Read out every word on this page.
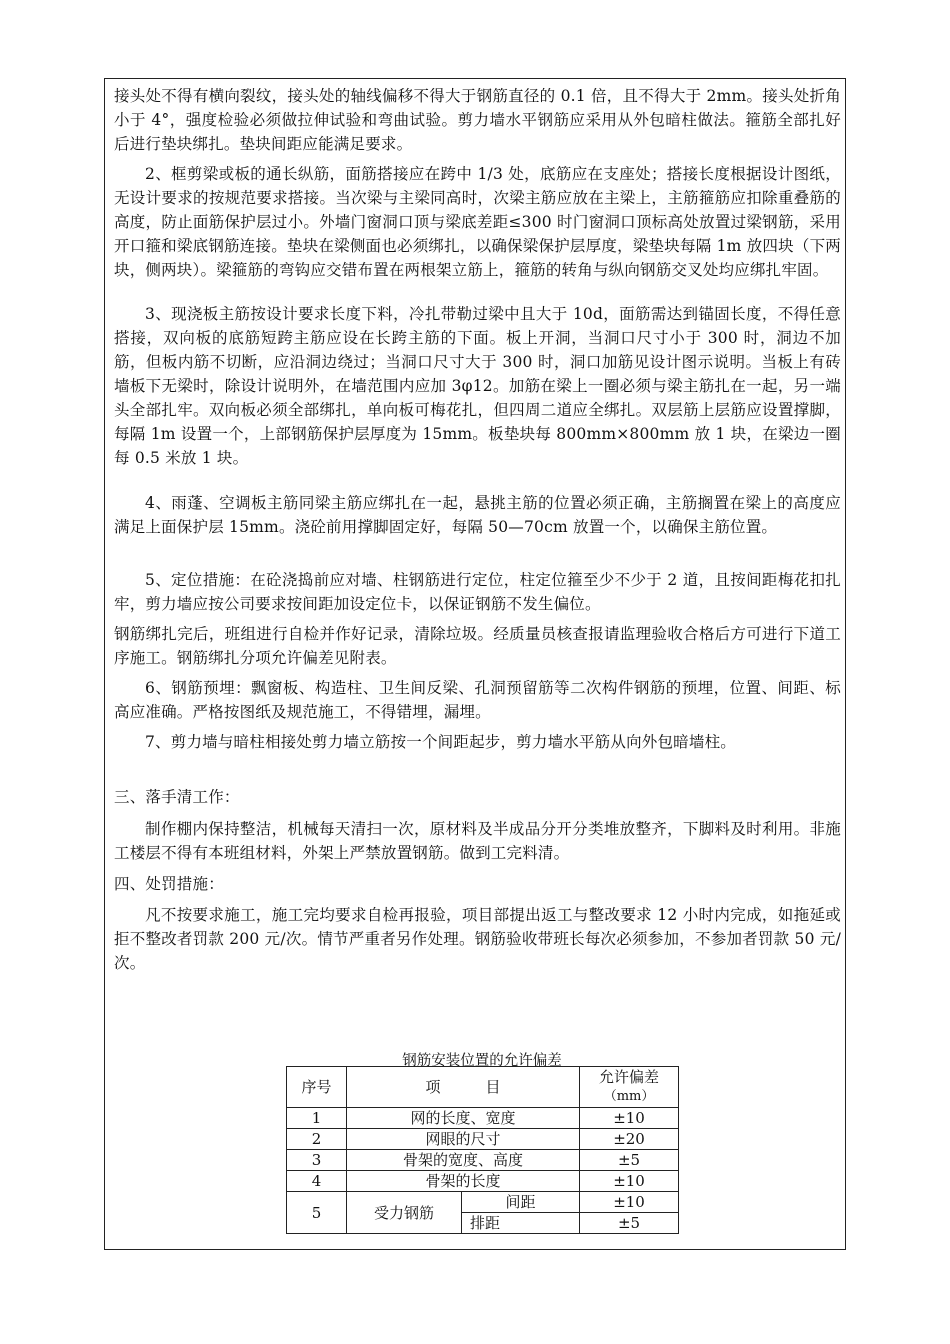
接头处不得有横向裂纹，接头处的轴线偏移不得大于钢筋直径的 0.1 倍，且不得大于 2mm。接头处折角小于 4°，强度检验必须做拉伸试验和弯曲试验。剪力墙水平钢筋应采用从外包暗柱做法。箍筋全部扎好后进行垫块绑扎。垫块间距应能满足要求。

2、框剪梁或板的通长纵筋，面筋搭接应在跨中 1/3 处，底筋应在支座处；搭接长度根据设计图纸，无设计要求的按规范要求搭接。当次梁与主梁同高时，次梁主筋应放在主梁上，主筋箍筋应扣除重叠筋的高度，防止面筋保护层过小。外墙门窗洞口顶与梁底差距≤300 时门窗洞口顶标高处放置过梁钢筋，采用开口箍和梁底钢筋连接。垫块在梁侧面也必须绑扎，以确保梁保护层厚度，梁垫块每隔 1m 放四块（下两块，侧两块）。梁箍筋的弯钩应交错布置在两根架立筋上，箍筋的转角与纵向钢筋交叉处均应绑扎牢固。

3、现浇板主筋按设计要求长度下料，冷扎带勒过梁中且大于 10d，面筋需达到锚固长度，不得任意搭接，双向板的底筋短跨主筋应设在长跨主筋的下面。板上开洞，当洞口尺寸小于 300 时，洞边不加筋，但板内筋不切断，应沿洞边绕过；当洞口尺寸大于 300 时，洞口加筋见设计图示说明。当板上有砖墙板下无梁时，除设计说明外，在墙范围内应加 3φ12。加筋在梁上一圈必须与梁主筋扎在一起，另一端头全部扎牢。双向板必须全部绑扎，单向板可梅花扎，但四周二道应全绑扎。双层筋上层筋应设置撑脚，每隔 1m 设置一个，上部钢筋保护层厚度为 15mm。板垫块每 800mm×800mm 放 1 块，在梁边一圈每 0.5 米放 1 块。

4、雨蓬、空调板主筋同梁主筋应绑扎在一起，悬挑主筋的位置必须正确，主筋搁置在梁上的高度应满足上面保护层 15mm。浇砼前用撑脚固定好，每隔 50—70cm 放置一个，以确保主筋位置。

5、定位措施：在砼浇捣前应对墙、柱钢筋进行定位，柱定位箍至少不少于 2 道，且按间距梅花扣扎牢，剪力墙应按公司要求按间距加设定位卡，以保证钢筋不发生偏位。

钢筋绑扎完后，班组进行自检并作好记录，清除垃圾。经质量员核查报请监理验收合格后方可进行下道工序施工。钢筋绑扎分项允许偏差见附表。

6、钢筋预埋：飘窗板、构造柱、卫生间反梁、孔洞预留筋等二次构件钢筋的预埋，位置、间距、标高应准确。严格按图纸及规范施工，不得错埋，漏埋。

7、剪力墙与暗柱相接处剪力墙立筋按一个间距起步，剪力墙水平筋从向外包暗墙柱。

三、落手清工作：

制作棚内保持整洁，机械每天清扫一次，原材料及半成品分开分类堆放整齐，下脚料及时利用。非施工楼层不得有本班组材料，外架上严禁放置钢筋。做到工完料清。

四、处罚措施：

凡不按要求施工，施工完均要求自检再报验，项目部提出返工与整改要求 12 小时内完成，如拖延或拒不整改者罚款 200 元/次。情节严重者另作处理。钢筋验收带班长每次必须参加，不参加者罚款 50 元/次。

钢筋安装位置的允许偏差
序号	项　　　目		允许偏差
（mm）
1	网的长度、宽度		±10
2	网眼的尺寸		±20
3	骨架的宽度、高度		±5
4	骨架的长度		±10
5	受力钢筋	间距	±10
		排距	±5
